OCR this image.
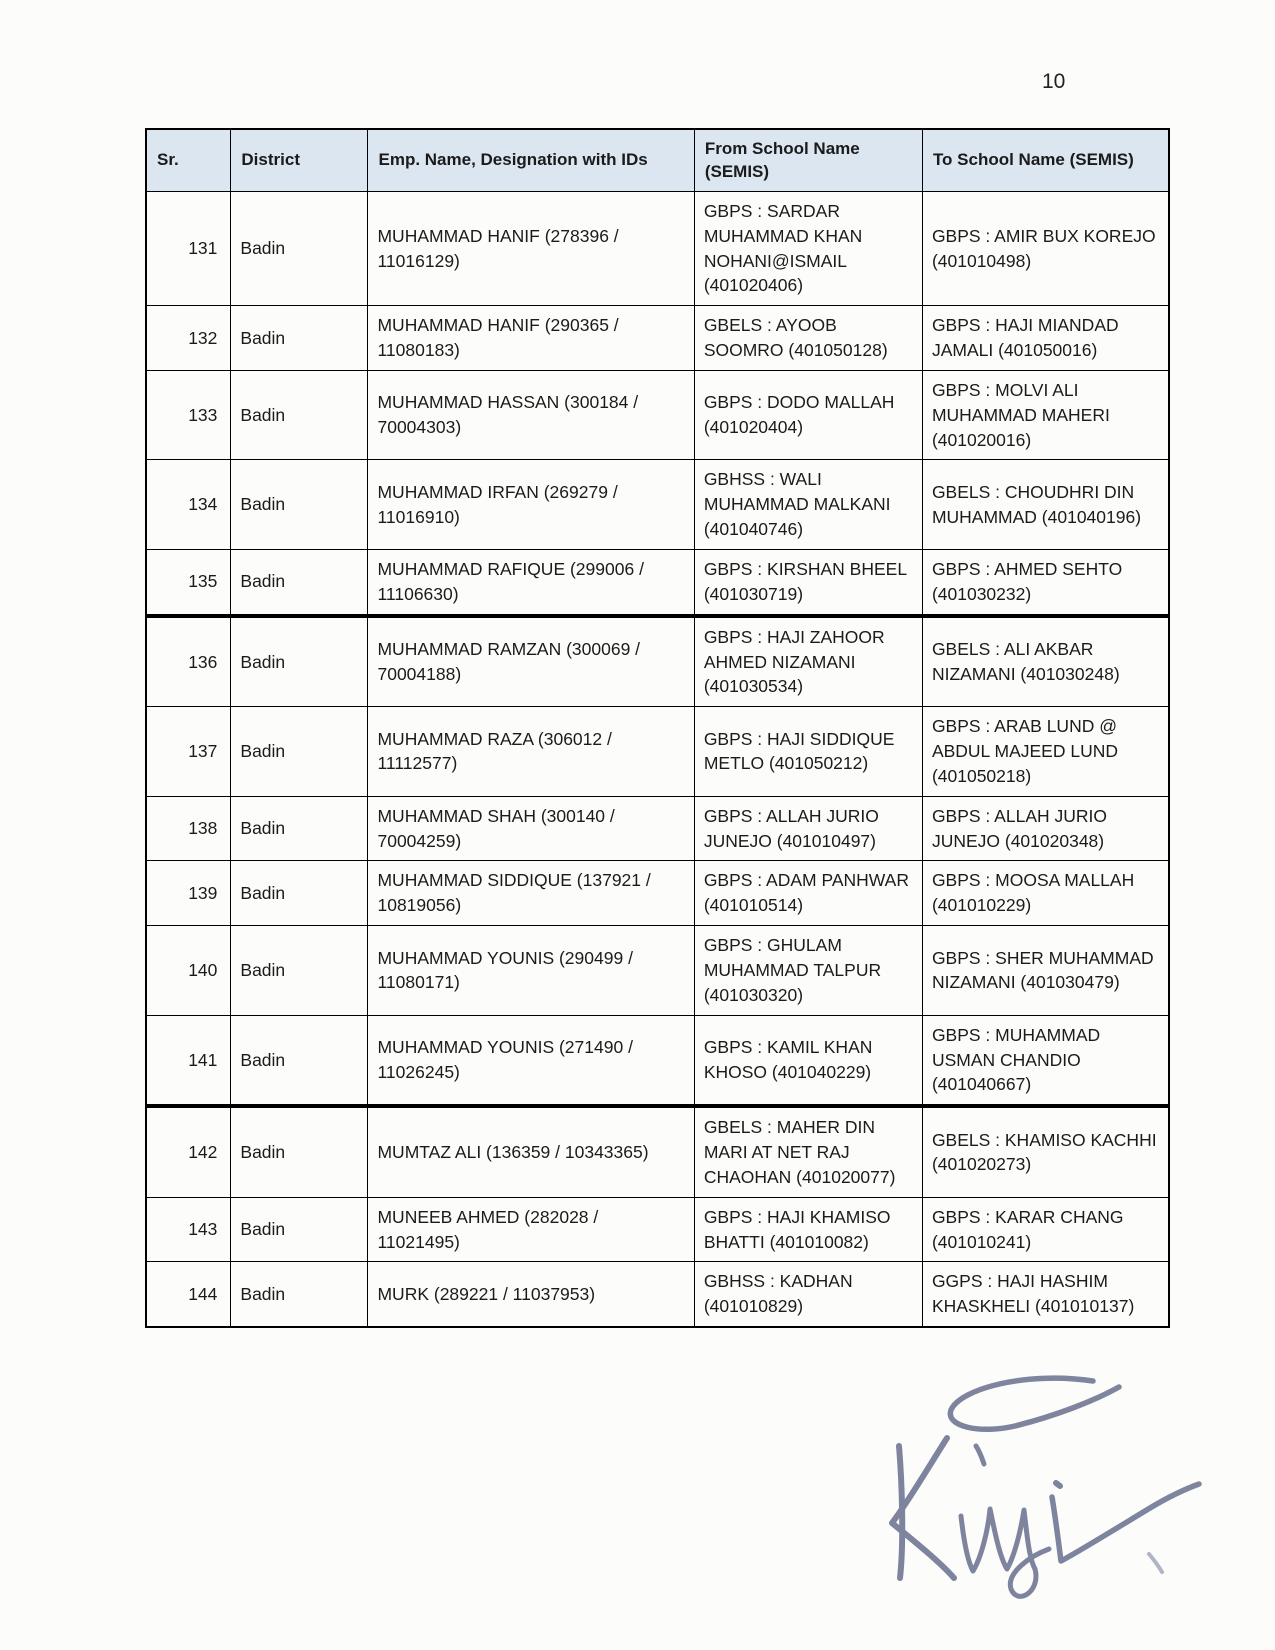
10
Sr.	District	Emp. Name, Designation with IDs	From School Name (SEMIS)	To School Name (SEMIS)
131	Badin	MUHAMMAD HANIF (278396 / 11016129)	GBPS : SARDAR MUHAMMAD KHAN NOHANI@ISMAIL (401020406)	GBPS : AMIR BUX KOREJO (401010498)
132	Badin	MUHAMMAD HANIF (290365 / 11080183)	GBELS : AYOOB SOOMRO (401050128)	GBPS : HAJI MIANDAD JAMALI (401050016)
133	Badin	MUHAMMAD HASSAN (300184 / 70004303)	GBPS : DODO MALLAH (401020404)	GBPS : MOLVI ALI MUHAMMAD MAHERI (401020016)
134	Badin	MUHAMMAD IRFAN (269279 / 11016910)	GBHSS : WALI MUHAMMAD MALKANI (401040746)	GBELS : CHOUDHRI DIN MUHAMMAD (401040196)
135	Badin	MUHAMMAD RAFIQUE (299006 / 11106630)	GBPS : KIRSHAN BHEEL (401030719)	GBPS : AHMED SEHTO (401030232)
136	Badin	MUHAMMAD RAMZAN (300069 / 70004188)	GBPS : HAJI ZAHOOR AHMED NIZAMANI (401030534)	GBELS : ALI AKBAR NIZAMANI (401030248)
137	Badin	MUHAMMAD RAZA (306012 / 11112577)	GBPS : HAJI SIDDIQUE METLO (401050212)	GBPS : ARAB LUND @ ABDUL MAJEED LUND (401050218)
138	Badin	MUHAMMAD SHAH (300140 / 70004259)	GBPS : ALLAH JURIO JUNEJO (401010497)	GBPS : ALLAH JURIO JUNEJO (401020348)
139	Badin	MUHAMMAD SIDDIQUE (137921 / 10819056)	GBPS : ADAM PANHWAR (401010514)	GBPS : MOOSA MALLAH (401010229)
140	Badin	MUHAMMAD YOUNIS (290499 / 11080171)	GBPS : GHULAM MUHAMMAD TALPUR (401030320)	GBPS : SHER MUHAMMAD NIZAMANI (401030479)
141	Badin	MUHAMMAD YOUNIS (271490 / 11026245)	GBPS : KAMIL KHAN KHOSO (401040229)	GBPS : MUHAMMAD USMAN CHANDIO (401040667)
142	Badin	MUMTAZ ALI (136359 / 10343365)	GBELS : MAHER DIN MARI AT NET RAJ CHAOHAN (401020077)	GBELS : KHAMISO KACHHI (401020273)
143	Badin	MUNEEB AHMED (282028 / 11021495)	GBPS : HAJI KHAMISO BHATTI (401010082)	GBPS : KARAR CHANG (401010241)
144	Badin	MURK (289221 / 11037953)	GBHSS : KADHAN (401010829)	GGPS : HAJI HASHIM KHASKHELI (401010137)
